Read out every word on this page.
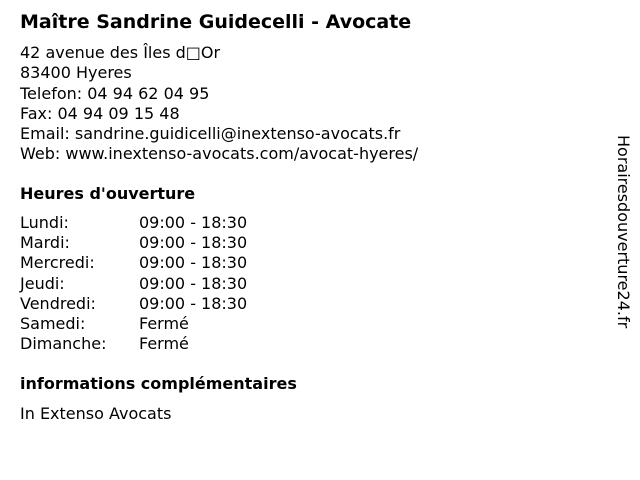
Maître Sandrine Guidecelli - Avocate
42 avenue des Îles d□Or
83400 Hyeres
Telefon: 04 94 62 04 95
Fax: 04 94 09 15 48
Email: sandrine.guidicelli@inextenso-avocats.fr
Web: www.inextenso-avocats.com/avocat-hyeres/
Heures d'ouverture
Lundi:	09:00 - 18:30
Mardi:	09:00 - 18:30
Mercredi:	09:00 - 18:30
Jeudi:	09:00 - 18:30
Vendredi:	09:00 - 18:30
Samedi:	Fermé
Dimanche:	Fermé
informations complémentaires
In Extenso Avocats
Horairesdouverture24.fr
